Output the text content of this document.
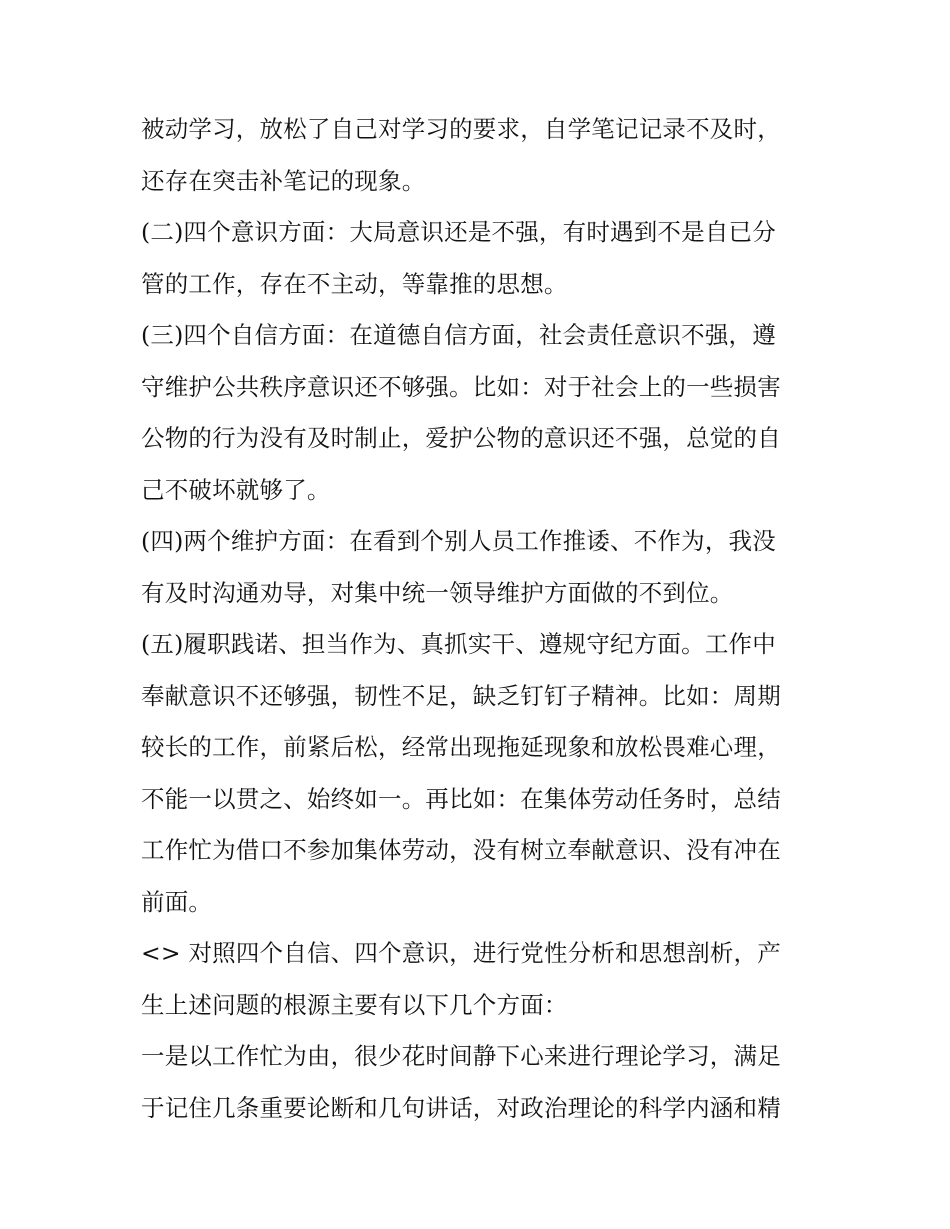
被动学习，放松了自己对学习的要求，自学笔记记录不及时，
还存在突击补笔记的现象。
(二)四个意识方面：大局意识还是不强，有时遇到不是自已分
管的工作，存在不主动，等靠推的思想。
(三)四个自信方面：在道德自信方面，社会责任意识不强，遵
守维护公共秩序意识还不够强。比如：对于社会上的一些损害
公物的行为没有及时制止，爱护公物的意识还不强，总觉的自
己不破坏就够了。
(四)两个维护方面：在看到个别人员工作推诿、不作为，我没
有及时沟通劝导，对集中统一领导维护方面做的不到位。
(五)履职践诺、担当作为、真抓实干、遵规守纪方面。工作中
奉献意识不还够强，韧性不足，缺乏钉钉子精神。比如：周期
较长的工作，前紧后松，经常出现拖延现象和放松畏难心理，
不能一以贯之、始终如一。再比如：在集体劳动任务时，总结
工作忙为借口不参加集体劳动，没有树立奉献意识、没有冲在
前面。
<> 对照四个自信、四个意识，进行党性分析和思想剖析，产
生上述问题的根源主要有以下几个方面：
一是以工作忙为由，很少花时间静下心来进行理论学习，满足
于记住几条重要论断和几句讲话，对政治理论的科学内涵和精
